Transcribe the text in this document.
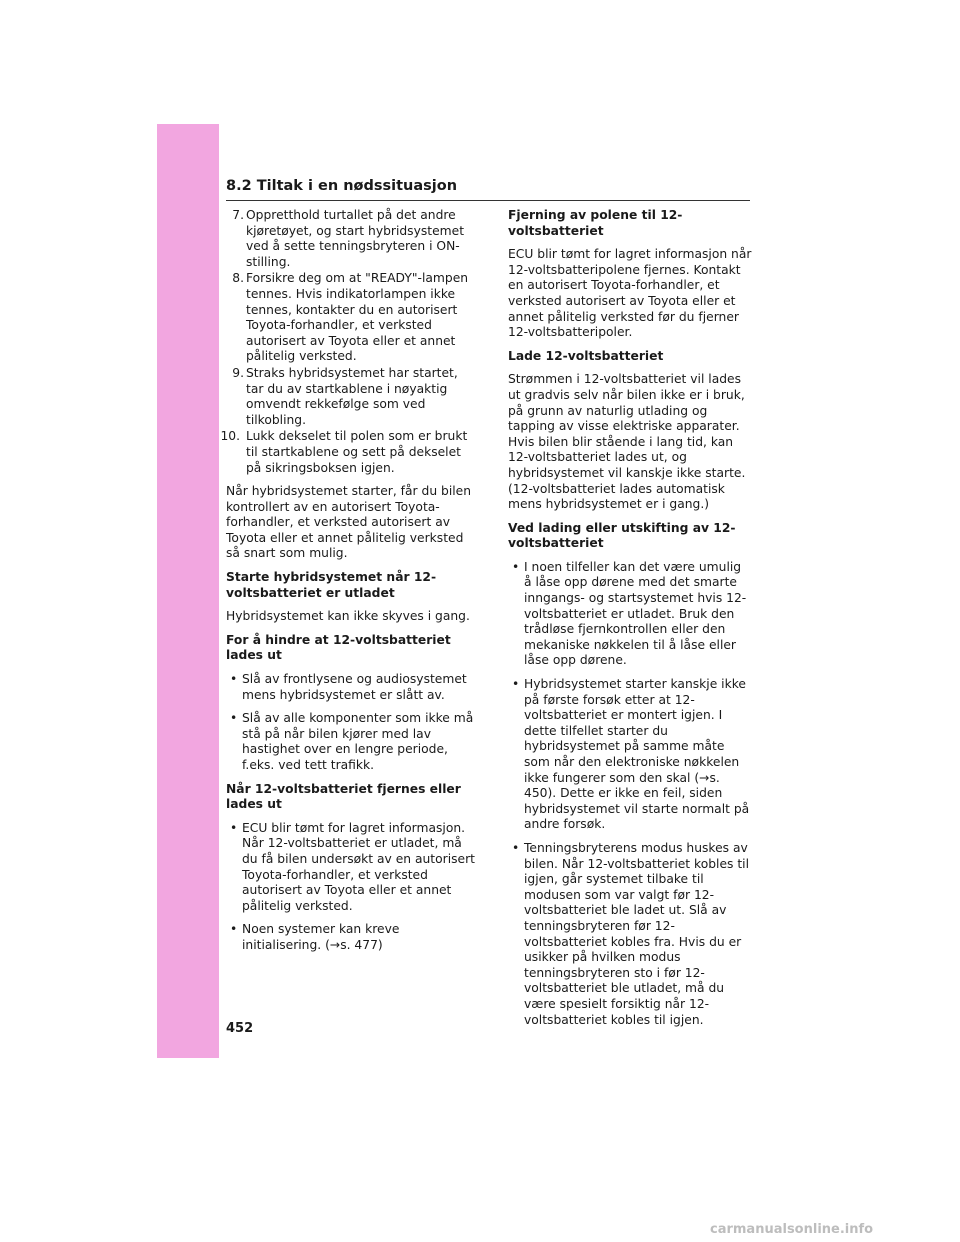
8.2 Tiltak i en nødssituasjon
7. Oppretthold turtallet på det andre kjøretøyet, og start hybridsystemet ved å sette tenningsbryteren i ON-stilling.
8. Forsikre deg om at "READY"-lampen tennes. Hvis indikatorlampen ikke tennes, kontakter du en autorisert Toyota-forhandler, et verksted autorisert av Toyota eller et annet pålitelig verksted.
9. Straks hybridsystemet har startet, tar du av startkablene i nøyaktig omvendt rekkefølge som ved tilkobling.
10. Lukk dekselet til polen som er brukt til startkablene og sett på dekselet på sikringsboksen igjen.

Når hybridsystemet starter, får du bilen kontrollert av en autorisert Toyota-forhandler, et verksted autorisert av Toyota eller et annet pålitelig verksted så snart som mulig.

Starte hybridsystemet når 12-voltsbatteriet er utladet

Hybridsystemet kan ikke skyves i gang.

For å hindre at 12-voltsbatteriet lades ut
• Slå av frontlysene og audiosystemet mens hybridsystemet er slått av.
• Slå av alle komponenter som ikke må stå på når bilen kjører med lav hastighet over en lengre periode, f.eks. ved tett trafikk.
Når 12-voltsbatteriet fjernes eller lades ut
• ECU blir tømt for lagret informasjon. Når 12-voltsbatteriet er utladet, må du få bilen undersøkt av en autorisert Toyota-forhandler, et verksted autorisert av Toyota eller et annet pålitelig verksted.
• Noen systemer kan kreve initialisering. (→s. 477)
Fjerning av polene til 12-voltsbatteriet

ECU blir tømt for lagret informasjon når 12-voltsbatteripolene fjernes. Kontakt en autorisert Toyota-forhandler, et verksted autorisert av Toyota eller et annet pålitelig verksted før du fjerner 12-voltsbatteripoler.

Lade 12-voltsbatteriet

Strømmen i 12-voltsbatteriet vil lades ut gradvis selv når bilen ikke er i bruk, på grunn av naturlig utlading og tapping av visse elektriske apparater. Hvis bilen blir stående i lang tid, kan 12-voltsbatteriet lades ut, og hybridsystemet vil kanskje ikke starte. (12-voltsbatteriet lades automatisk mens hybridsystemet er i gang.)

Ved lading eller utskifting av 12-voltsbatteriet
• I noen tilfeller kan det være umulig å låse opp dørene med det smarte inngangs- og startsystemet hvis 12-voltsbatteriet er utladet. Bruk den trådløse fjernkontrollen eller den mekaniske nøkkelen til å låse eller låse opp dørene.
• Hybridsystemet starter kanskje ikke på første forsøk etter at 12-voltsbatteriet er montert igjen. I dette tilfellet starter du hybridsystemet på samme måte som når den elektroniske nøkkelen ikke fungerer som den skal (→s. 450). Dette er ikke en feil, siden hybridsystemet vil starte normalt på andre forsøk.
• Tenningsbryterens modus huskes av bilen. Når 12-voltsbatteriet kobles til igjen, går systemet tilbake til modusen som var valgt før 12-voltsbatteriet ble ladet ut. Slå av tenningsbryteren før 12-voltsbatteriet kobles fra. Hvis du er usikker på hvilken modus tenningsbryteren sto i før 12-voltsbatteriet ble utladet, må du være spesielt forsiktig når 12-voltsbatteriet kobles til igjen.
452
carmanualsonline.info
